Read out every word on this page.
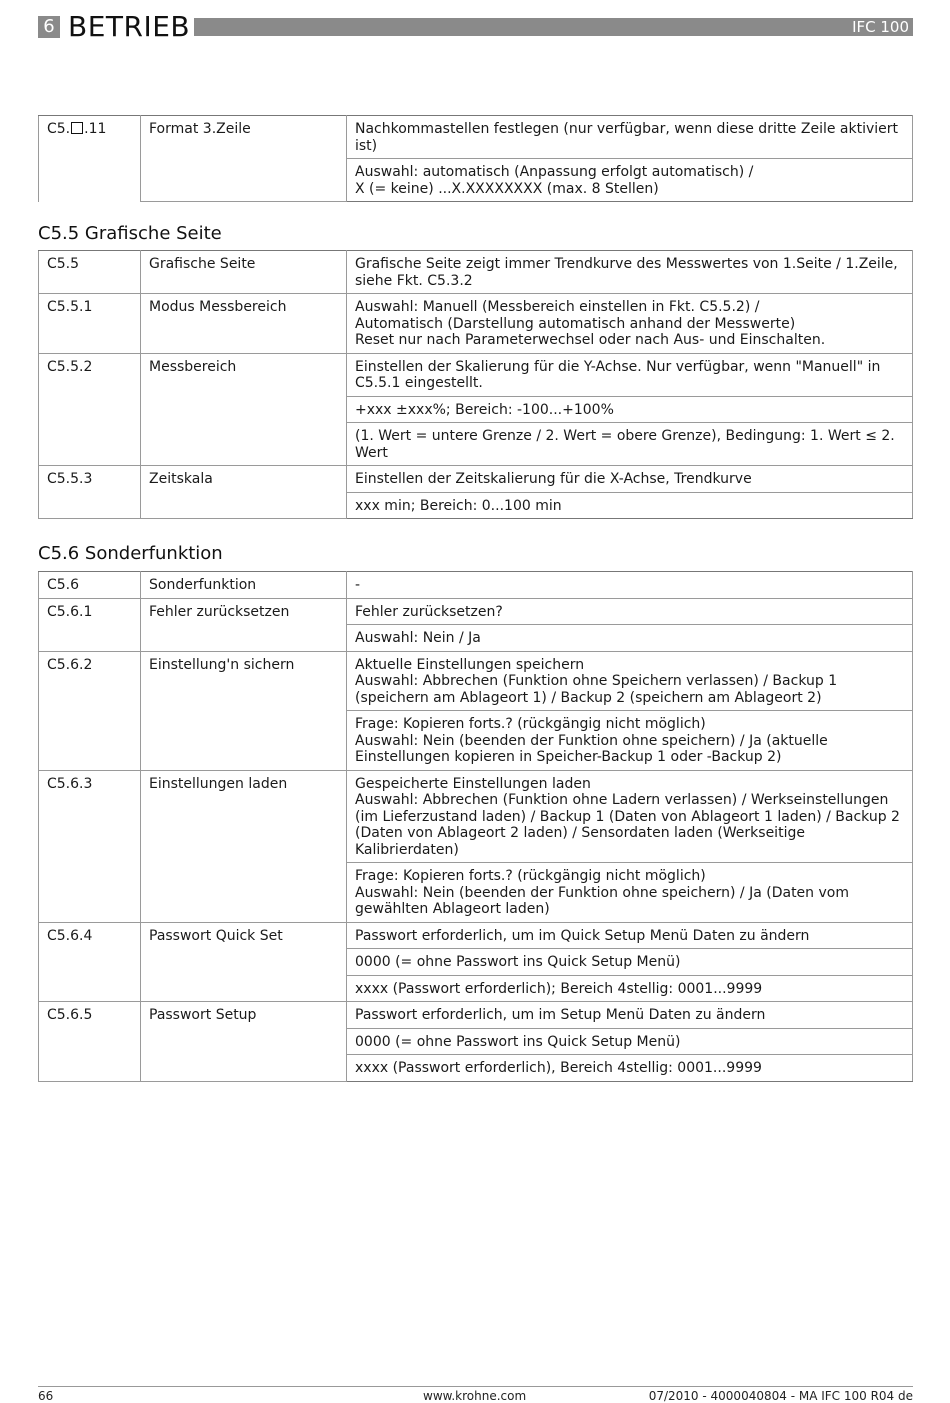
6 BETRIEB	IFC 100
C5. .11	Format 3.Zeile	Nachkommastellen festlegen (nur verfügbar, wenn diese dritte Zeile aktiviert ist)
Auswahl: automatisch (Anpassung erfolgt automatisch) /
X (= keine) ...X.XXXXXXXX (max. 8 Stellen)
C5.5 Grafische Seite
C5.5	Grafische Seite	Grafische Seite zeigt immer Trendkurve des Messwertes von 1.Seite / 1.Zeile, siehe Fkt. C5.3.2
C5.5.1	Modus Messbereich	Auswahl: Manuell (Messbereich einstellen in Fkt. C5.5.2) /
Automatisch (Darstellung automatisch anhand der Messwerte)
Reset nur nach Parameterwechsel oder nach Aus- und Einschalten.
C5.5.2	Messbereich	Einstellen der Skalierung für die Y-Achse. Nur verfügbar, wenn "Manuell" in C5.5.1 eingestellt.
		+xxx ±xxx%; Bereich: -100...+100%
		(1. Wert = untere Grenze / 2. Wert = obere Grenze), Bedingung: 1. Wert ≤ 2. Wert
C5.5.3	Zeitskala	Einstellen der Zeitskalierung für die X-Achse, Trendkurve
		xxx min; Bereich: 0...100 min
C5.6 Sonderfunktion
C5.6	Sonderfunktion	-
C5.6.1	Fehler zurücksetzen	Fehler zurücksetzen?
		Auswahl: Nein / Ja
C5.6.2	Einstellung'n sichern	Aktuelle Einstellungen speichern
Auswahl: Abbrechen (Funktion ohne Speichern verlassen) / Backup 1 (speichern am Ablageort 1) / Backup 2 (speichern am Ablageort 2)
		Frage: Kopieren forts.? (rückgängig nicht möglich)
Auswahl: Nein (beenden der Funktion ohne speichern) / Ja (aktuelle Einstellungen kopieren in Speicher-Backup 1 oder -Backup 2)
C5.6.3	Einstellungen laden	Gespeicherte Einstellungen laden
Auswahl: Abbrechen (Funktion ohne Ladern verlassen) / Werkseinstellungen (im Lieferzustand laden) / Backup 1 (Daten von Ablageort 1 laden) / Backup 2 (Daten von Ablageort 2 laden) / Sensordaten laden (Werkseitige Kalibrierdaten)
		Frage: Kopieren forts.? (rückgängig nicht möglich)
Auswahl: Nein (beenden der Funktion ohne speichern) / Ja (Daten vom gewählten Ablageort laden)
C5.6.4	Passwort Quick Set	Passwort erforderlich, um im Quick Setup Menü Daten zu ändern
		0000 (= ohne Passwort ins Quick Setup Menü)
		xxxx (Passwort erforderlich); Bereich 4stellig: 0001...9999
C5.6.5	Passwort Setup	Passwort erforderlich, um im Setup Menü Daten zu ändern
		0000 (= ohne Passwort ins Quick Setup Menü)
		xxxx (Passwort erforderlich), Bereich 4stellig: 0001...9999
66	www.krohne.com	07/2010 - 4000040804 - MA IFC 100 R04 de
